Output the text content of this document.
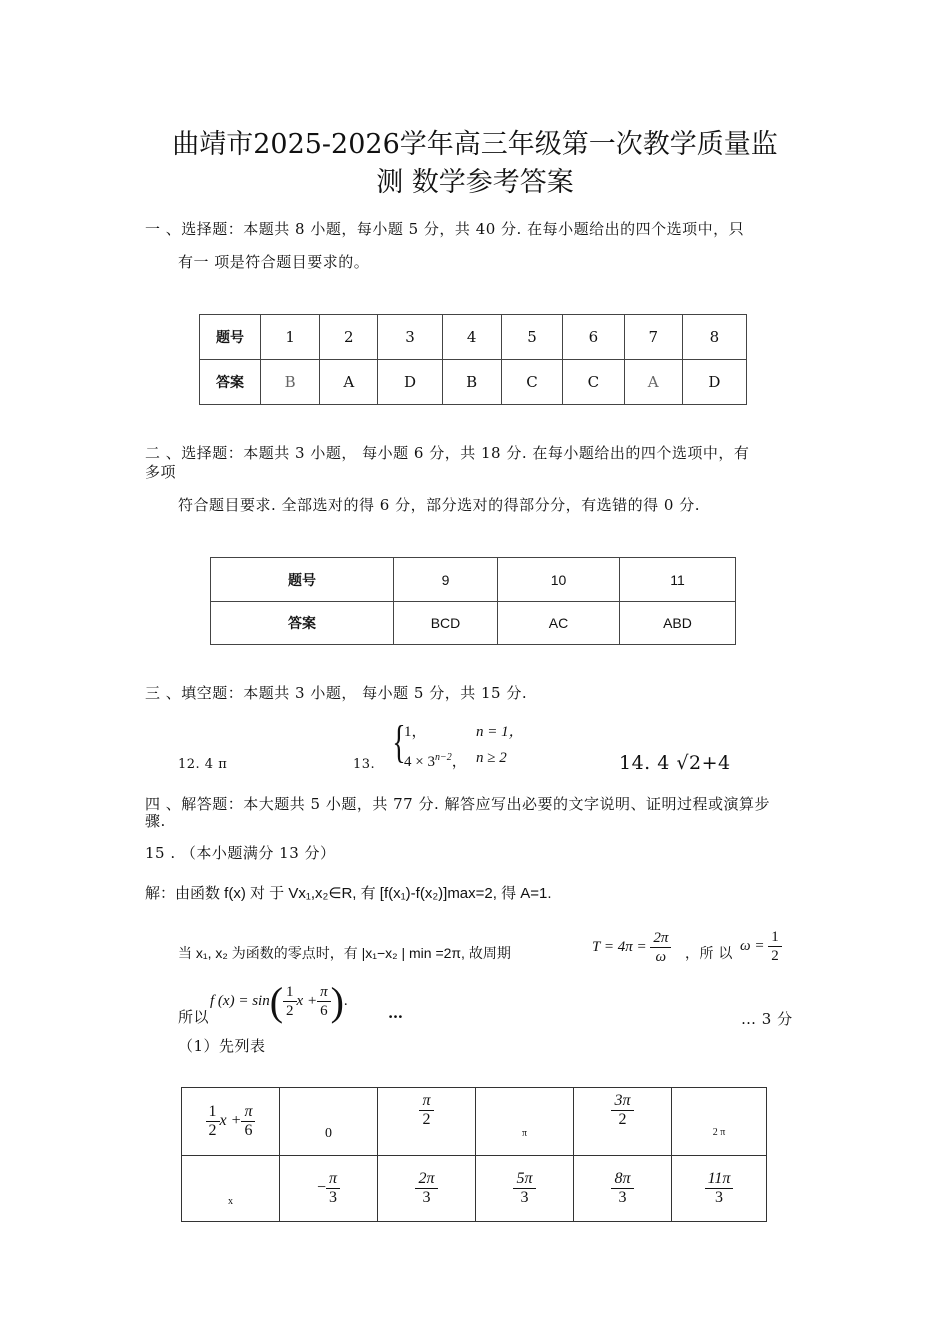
曲靖市2025-2026学年高三年级第一次教学质量监
测 数学参考答案
一 、选择题：本题共 8 小题，每小题 5 分，共 40 分. 在每小题给出的四个选项中，只
有一 项是符合题目要求的。
题号	1	2	3	4	5	6	7	8
答案	B	A	D	B	C	C	A	D
二 、选择题：本题共 3 小题， 每小题 6 分，共 18 分. 在每小题给出的四个选项中，有
多项
符合题目要求. 全部选对的得 6 分，部分选对的得部分分，有选错的得 0 分.
题号	9	10	11
答案	BCD	AC	ABD
三 、填空题：本题共 3 小题， 每小题 5 分，共 15 分.
12. 4 π	13. {
1，	n = 1，
$4 \times 3^{n-2}$， n ≥ 2	14. 4 √2+4
四 、解答题：本大题共 5 小题，共 77 分. 解答应写出必要的文字说明、证明过程或演算步
骤.
15 . （本小题满分 13 分）
解：由函数 f(x) 对 于 Vx₁,x₂∈R, 有 [f(x₁)-f(x₂)]max=2, 得 A=1.
当 x₁, x₂ 为函数的零点时，有 |x₁−x₂ | min =2π, 故周期	$T = 4\pi = \frac{2\pi}{\omega}$ ，所 以 $\omega = \frac{1}{2}$
所以
f $(x) = \sin( \frac{1}{2}$ $x + \frac{\pi}{6}$ ).
…	… 3 分
（1）先列表
$\frac{1}{2}$ $x + \frac{\pi}{6}$	0	$\frac{\pi}{2}$	π	$\frac{3\pi}{2}$	2 π
x	− $\frac{\pi}{3}$	$\frac{2\pi}{3}$	$\frac{5\pi}{3}$	$\frac{8\pi}{3}$	$\frac{11\pi}{3}$
